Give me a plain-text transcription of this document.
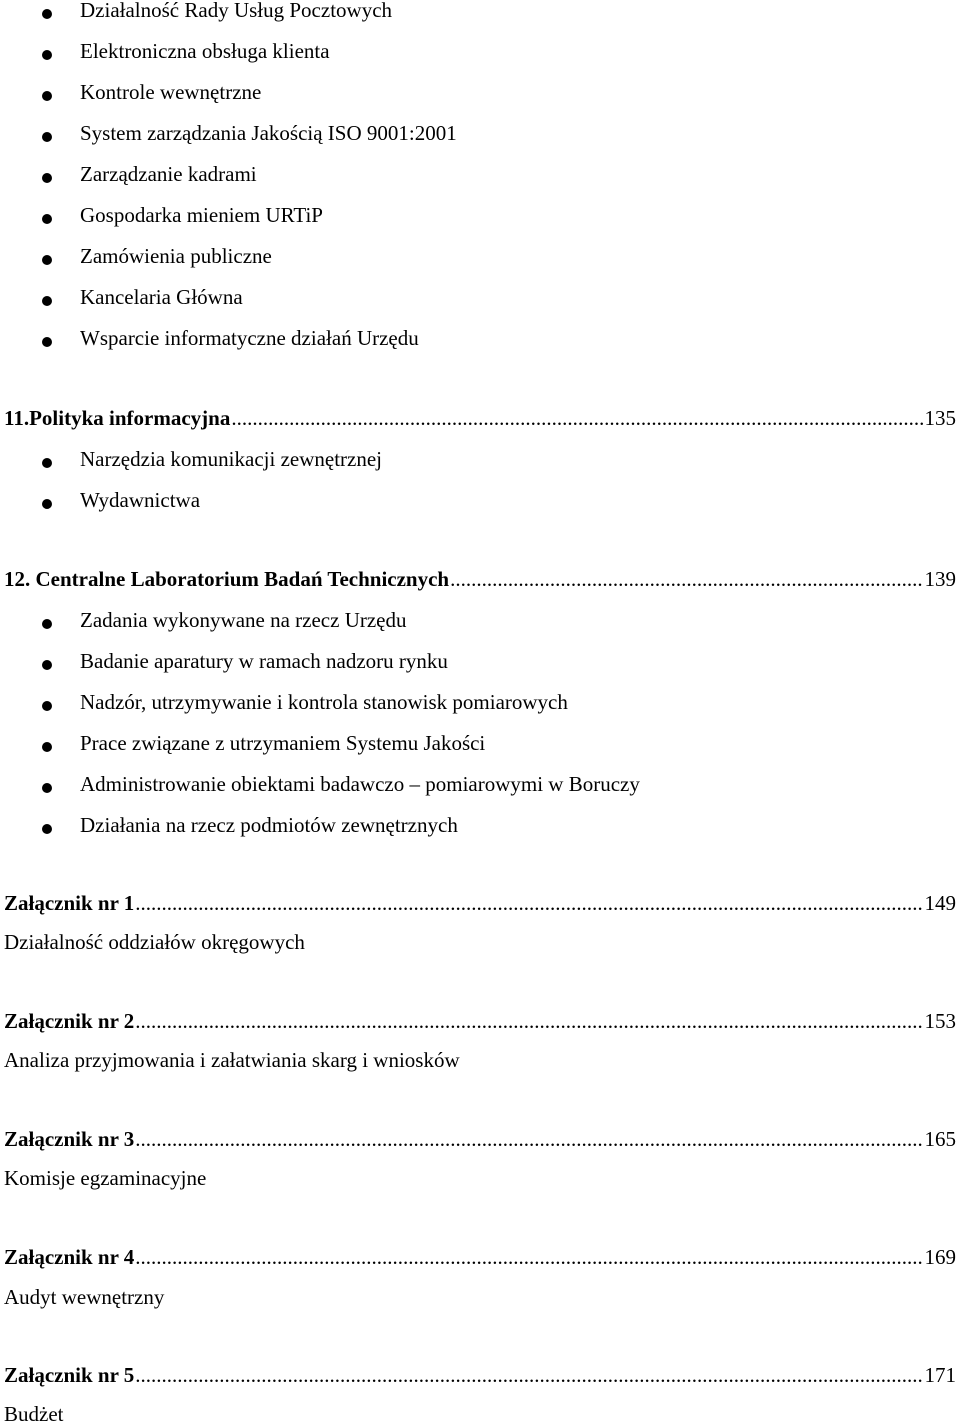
Działalność Rady Usług Pocztowych
Elektroniczna obsługa klienta
Kontrole wewnętrzne
System zarządzania Jakością ISO 9001:2001
Zarządzanie kadrami
Gospodarka mieniem URTiP
Zamówienia publiczne
Kancelaria Główna
Wsparcie informatyczne działań Urzędu
11.Polityka informacyjna .....	135
Narzędzia komunikacji zewnętrznej
Wydawnictwa
12. Centralne Laboratorium Badań Technicznych .....	139
Zadania wykonywane na rzecz Urzędu
Badanie aparatury w ramach nadzoru rynku
Nadzór, utrzymywanie i kontrola stanowisk pomiarowych
Prace związane z utrzymaniem Systemu Jakości
Administrowanie obiektami badawczo – pomiarowymi w Boruczy
Działania na rzecz podmiotów zewnętrznych
Załącznik nr 1 .....	149
Działalność oddziałów okręgowych
Załącznik nr 2 .....	153
Analiza przyjmowania i załatwiania skarg i wniosków
Załącznik nr 3 .....	165
Komisje egzaminacyjne
Załącznik nr 4 .....	169
Audyt wewnętrzny
Załącznik nr 5 .....	171
Budżet
